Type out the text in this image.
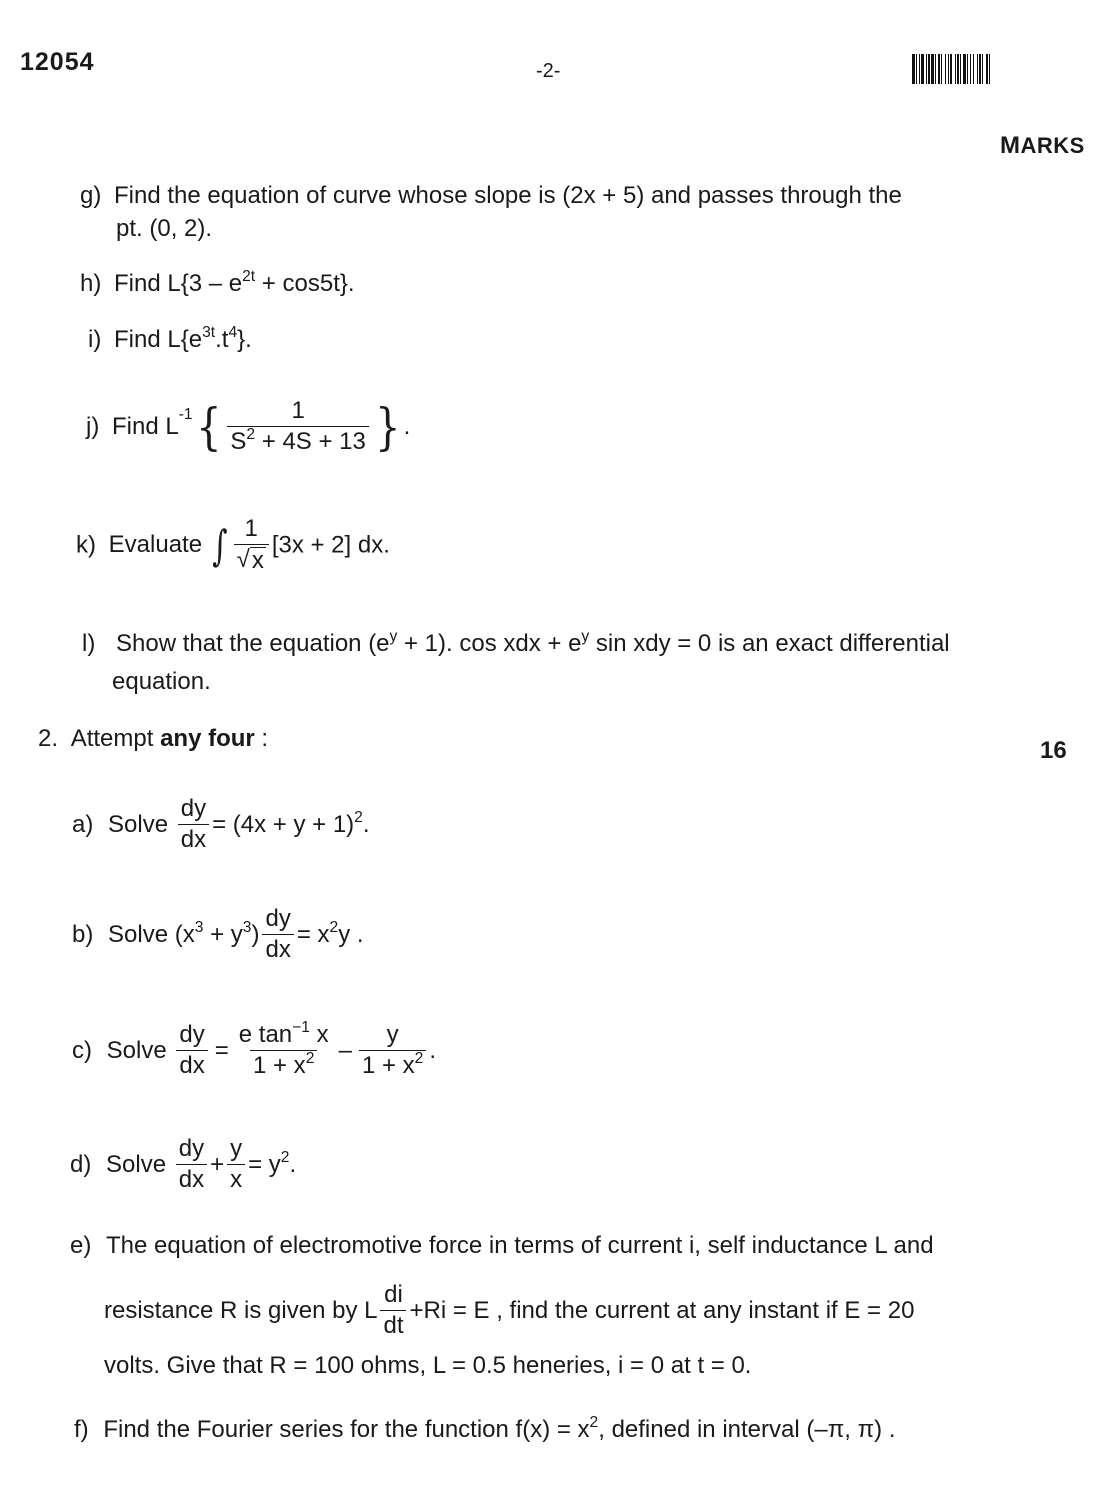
12054	-2-
MARKS
g) Find the equation of curve whose slope is (2x + 5) and passes through the
pt. (0, 2).
h) Find $L\{3 - e^{2t} + \cos 5t\}$.
i) Find $L\{e^{3t}.t^4\}$.
j) Find $L^{-1}\{ \frac{1}{S^2 + 4S + 13}$ } .
k) Evaluate ∫ $\frac{1}{√ x} [3x + 2]$ dx.
l) Show that the equation $(e^y + 1)$. cos xdx + $e^y$ sin xdy = 0 is an exact differential
equation.
2. Attempt any four :	16
a) Solve $\frac{dy}{dx} = (4x + y + 1)^2$.
b) Solve $(x^3 + y^3) \frac{dy}{dx} = x^2y$ .
c) Solve $\frac{dy}{dx} = \frac{e \tan^{-1} x}{1 + x^2} - \frac{y}{1 + x^2}$ .
d) Solve $\frac{dy}{dx} + \frac{y}{x} = y^2$.
e) The equation of electromotive force in terms of current i, self inductance L and
resistance R is given by L $\frac{di}{dt} +Ri = E$ , find the current at any instant if E = 20
volts. Give that R = 100 ohms, L = 0.5 heneries, i = 0 at t = 0.
f) Find the Fourier series for the function $f(x) = x^2$, defined in interval (–π, π) .
